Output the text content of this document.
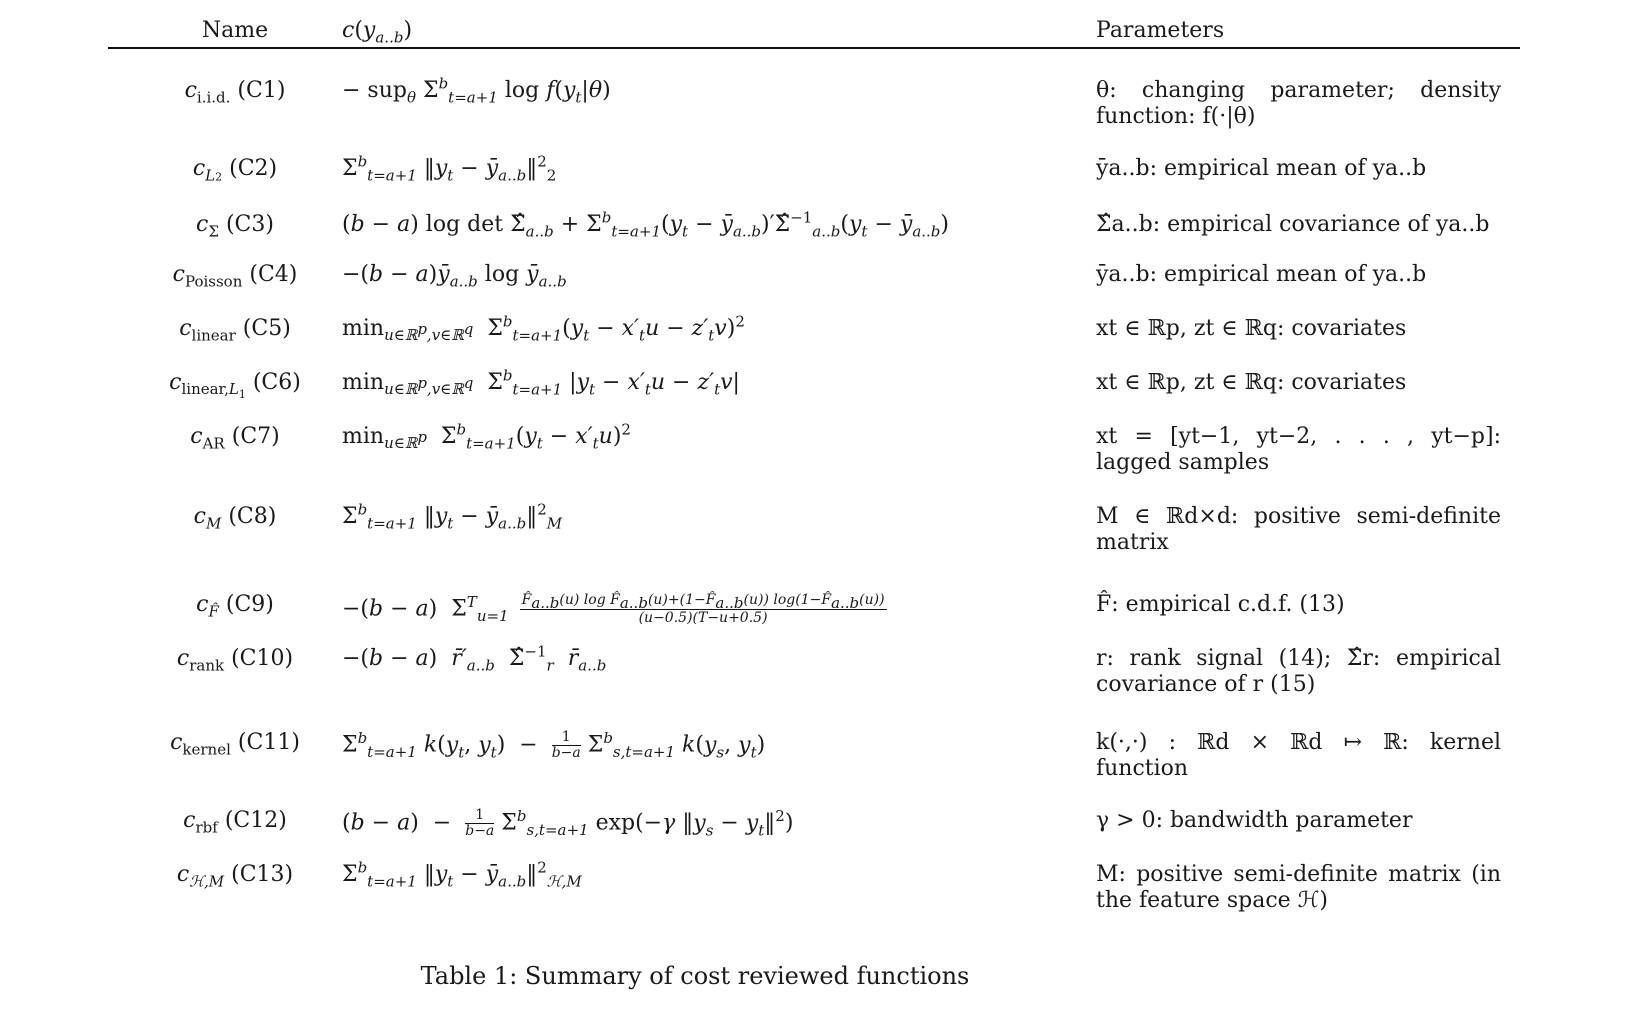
Name	$c(y_{a..b})$	Parameters
$c_{i.i.d.}$ (C1)	− sup$_\theta$ $\Sigma^b_{t=a+1}$ $\log f(y_t|\theta)$	θ: changing parameter; density function: f(·|θ)
$c_{L2}$ (C2)	$\Sigma^b_{t=a+1}$ $‖y_t$ − $ȳ_{a..b}‖^2_2$	ȳa..b: empirical mean of ya..b
$c_\Sigma$ (C3)	(b − a) $\log \det \Sigmâ_{a..b} + \Sigma^b_{t=a+1}(y_t$ − $ȳ_{a..b})'\Sigmâ^{-1}_{a..b}(y_t$ − $ȳ_{a..b}$)	Σ̂a..b: empirical covariance of ya..b
$c_{Poisson}$ (C4)	$-(b - a)ȳ_{a..b}$ $\log ȳ_{a..b}$	ȳa..b: empirical mean of ya..b
$c_{linear}$ (C5)	$\min_{u\in ℝ^p,v\in ℝ^q} \Sigma^b_{t=a+1}(y_t - x'_tu - z'_tv)^2$	xt ∈ ℝp, zt ∈ ℝq: covariates
$c_{linear,L_1}$ (C6)	$\min_{u\in ℝ^p,v\in ℝ^q} \Sigma^b_{t=a+1}$ $|y_t - x'_tu - z'_tv|$	xt ∈ ℝp, zt ∈ ℝq: covariates
$c_{AR}$ (C7)	$\min_{u\in ℝ^p} \Sigma^b_{t=a+1}(y_t - x'_tu)^2$	xt = [yt−1, yt−2, . . . , yt−p]: lagged samples
$c_M$ (C8)	$\Sigma^b_{t=a+1}$ $‖y_t$ − $ȳ_{a..b}‖^2_M$	M ∈ ℝd×d: positive semi-definite matrix
$c_{F̂}$ (C9)	−(b − a)  $\Sigma^T_{u=1} \frac{F̂_{a..b}(u) \log F̂_{a..b}(u)+(1-F̂_{a..b}(u)) \log(1-F̂_{a..b}(u))}{(u-0.5)(T-u+0.5)}$	F̂: empirical c.d.f. (13)
$c_{rank}$ (C10)	−(b − a)  $r̄'_{a..b}$  Σ̂$^{-1}_r$ $r̄_{a..b}$	r: rank signal (14); Σ̂r: empirical covariance of r (15)
$c_{kernel}$ (C11)	$\Sigma^b_{t=a+1}$ $k(y_t$, $y_t) - \frac{1}{b-a} \Sigma^b_{s,t=a+1}$ $k(y_s$, $y_t$)	k(·,·) : ℝd × ℝd ↦ ℝ: kernel function
$c_{rbf}$ (C12)	$(b - a) - \frac{1}{b-a} \Sigma^b_{s,t=a+1}$ exp(−γ $‖y_s$ − $y_t‖^2$)	γ > 0: bandwidth parameter
$c_{ℋ,M}$ (C13)	$\Sigma^b_{t=a+1}$ $‖y_t$ − $ȳ_{a..b}‖^2_{ℋ,M}$	M: positive semi-definite matrix (in the feature space ℋ)
Table 1: Summary of cost reviewed functions
